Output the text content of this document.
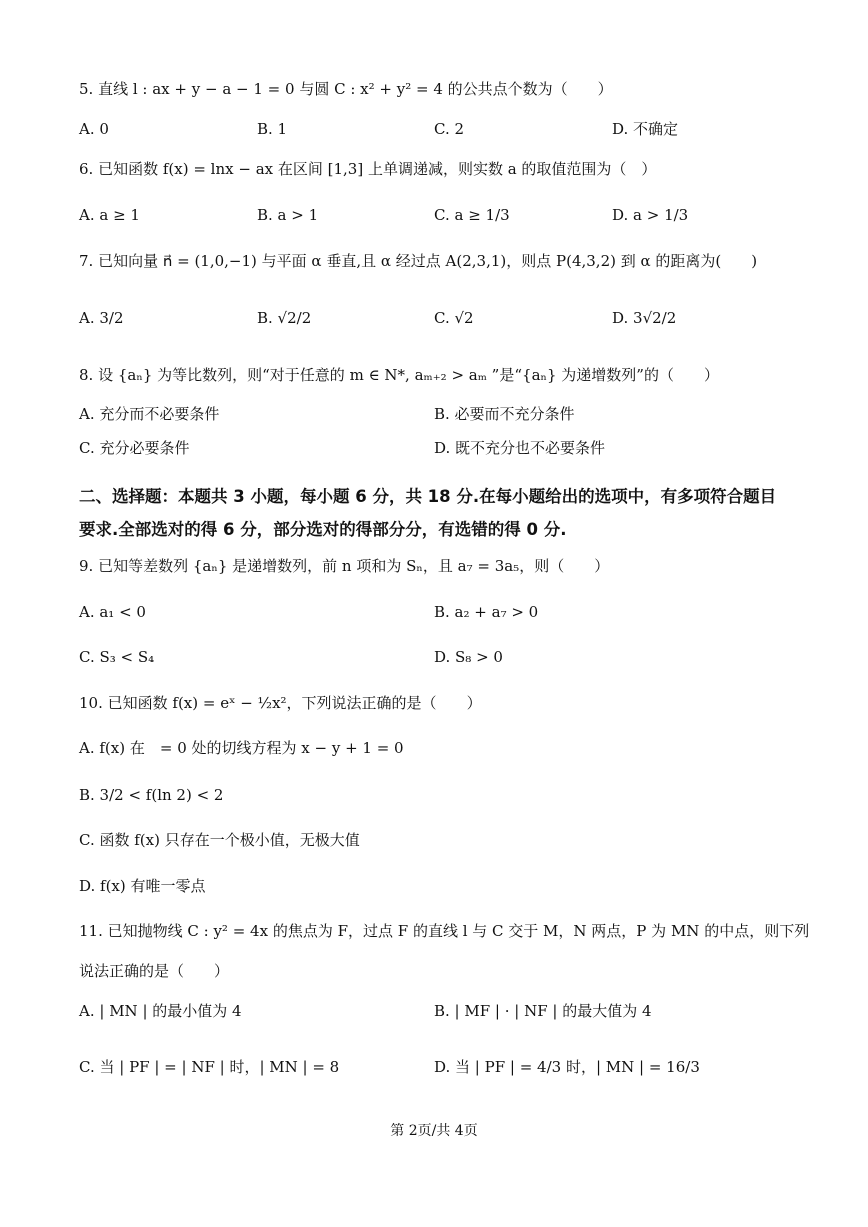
5. 直线 l : ax + y − a − 1 = 0 与圆 C : x² + y² = 4 的公共点个数为（　　）
A. 0	B. 1	C. 2	D. 不确定
6. 已知函数 f(x) = lnx − ax 在区间 [1,3] 上单调递减，则实数 a 的取值范围为（　）
A. a ≥ 1	B. a > 1	C. a ≥ 1/3	D. a > 1/3
7. 已知向量 n⃗ = (1,0,−1) 与平面 α 垂直,且 α 经过点 A(2,3,1)，则点 P(4,3,2) 到 α 的距离为(　　)
A. 3/2	B. √2/2	C. √2	D. 3√2/2
8. 设 {aₙ} 为等比数列，则“对于任意的 m ∈ N*, aₘ₊₂ > aₘ ”是“{aₙ} 为递增数列”的（　　）
A. 充分而不必要条件	B. 必要而不充分条件
C. 充分必要条件	D. 既不充分也不必要条件
二、选择题：本题共 3 小题，每小题 6 分，共 18 分.在每小题给出的选项中，有多项符合题目
要求.全部选对的得 6 分，部分选对的得部分分，有选错的得 0 分.
9. 已知等差数列 {aₙ} 是递增数列，前 n 项和为 Sₙ，且 a₇ = 3a₅，则（　　）
A. a₁ < 0	B. a₂ + a₇ > 0
C. S₃ < S₄	D. S₈ > 0
10. 已知函数 f(x) = eˣ − ½x²，下列说法正确的是（　　）
A. f(x) 在　= 0 处的切线方程为 x − y + 1 = 0
B. 3/2 < f(ln 2) < 2
C. 函数 f(x) 只存在一个极小值，无极大值
D. f(x) 有唯一零点
11. 已知抛物线 C : y² = 4x 的焦点为 F，过点 F 的直线 l 与 C 交于 M，N 两点，P 为 MN 的中点，则下列
说法正确的是（　　）
A. | MN | 的最小值为 4	B. | MF | · | NF | 的最大值为 4
C. 当 | PF | = | NF | 时，| MN | = 8	D. 当 | PF | = 4/3 时，| MN | = 16/3
第 2页/共 4页
